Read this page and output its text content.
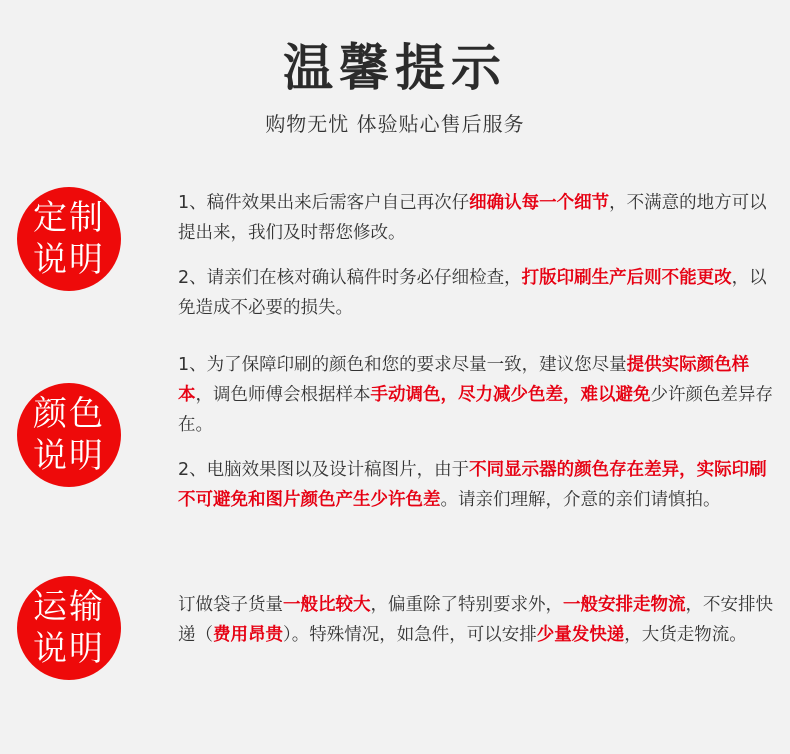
温馨提示
购物无忧 体验贴心售后服务
定制
说明

1、稿件效果出来后需客户自己再次仔细确认每一个细节，不满意的地方可以提出来，我们及时帮您修改。

2、请亲们在核对确认稿件时务必仔细检查，打版印刷生产后则不能更改，以免造成不必要的损失。

颜色
说明

1、为了保障印刷的颜色和您的要求尽量一致，建议您尽量提供实际颜色样本，调色师傅会根据样本手动调色，尽力减少色差，难以避免少许颜色差异存在。

2、电脑效果图以及设计稿图片，由于不同显示器的颜色存在差异，实际印刷不可避免和图片颜色产生少许色差。请亲们理解，介意的亲们请慎拍。

运输
说明

订做袋子货量一般比较大，偏重除了特别要求外，一般安排走物流，不安排快递（费用昂贵）。特殊情况，如急件，可以安排少量发快递，大货走物流。
